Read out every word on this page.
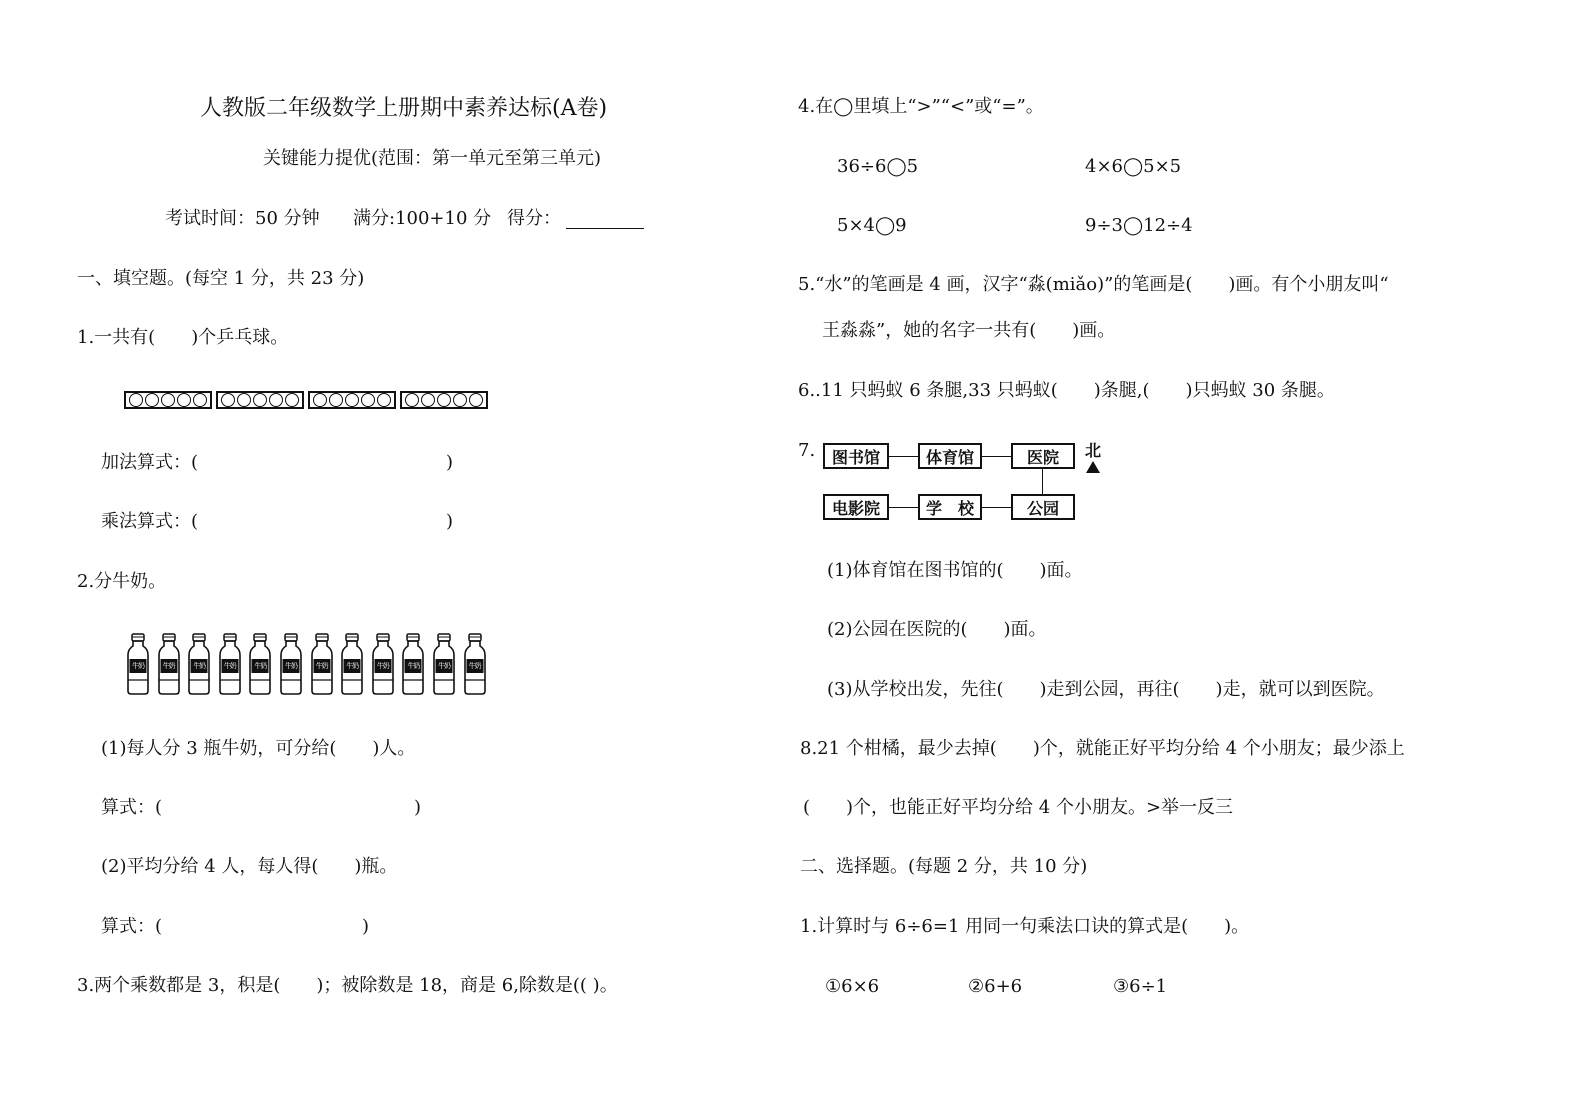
人教版二年级数学上册期中素养达标(A卷)
关键能力提优(范围：第一单元至第三单元)
考试时间：50 分钟 满分:100+10 分 得分：
一、填空题。(每空 1 分，共 23 分)
1.一共有(　　)个乒乓球。
加法算式：(	)
乘法算式：(	)
2.分牛奶。
牛奶	牛奶	牛奶	牛奶	牛奶	牛奶	牛奶	牛奶	牛奶	牛奶	牛奶	牛奶
(1)每人分 3 瓶牛奶，可分给(　　)人。
算式：(	)
(2)平均分给 4 人，每人得(　　)瓶。
算式：(	)
3.两个乘数都是 3，积是(　　)；被除数是 18，商是 6,除数是(( )。
4.在◯里填上“>”“<”或“=”。
36÷6◯5	4×6◯5×5
5×4◯9	9÷3◯12÷4
5.“水”的笔画是 4 画，汉字“淼(miǎo)”的笔画是(　　)画。有个小朋友叫“
王淼淼”，她的名字一共有(　　)画。
6..11 只蚂蚁 6 条腿,33 只蚂蚁(　　)条腿,(　　)只蚂蚁 30 条腿。
7.	图书馆	体育馆	医院
电影院	学　校	公园
北
(1)体育馆在图书馆的(　　)面。
(2)公园在医院的(　　)面。
(3)从学校出发，先往(　　)走到公园，再往(　　)走，就可以到医院。
8.21 个柑橘，最少去掉(　　)个，就能正好平均分给 4 个小朋友；最少添上
(　　)个，也能正好平均分给 4 个小朋友。>举一反三
二、选择题。(每题 2 分，共 10 分)
1.计算时与 6÷6=1 用同一句乘法口诀的算式是(　　)。
①6×6	②6+6	③6÷1
